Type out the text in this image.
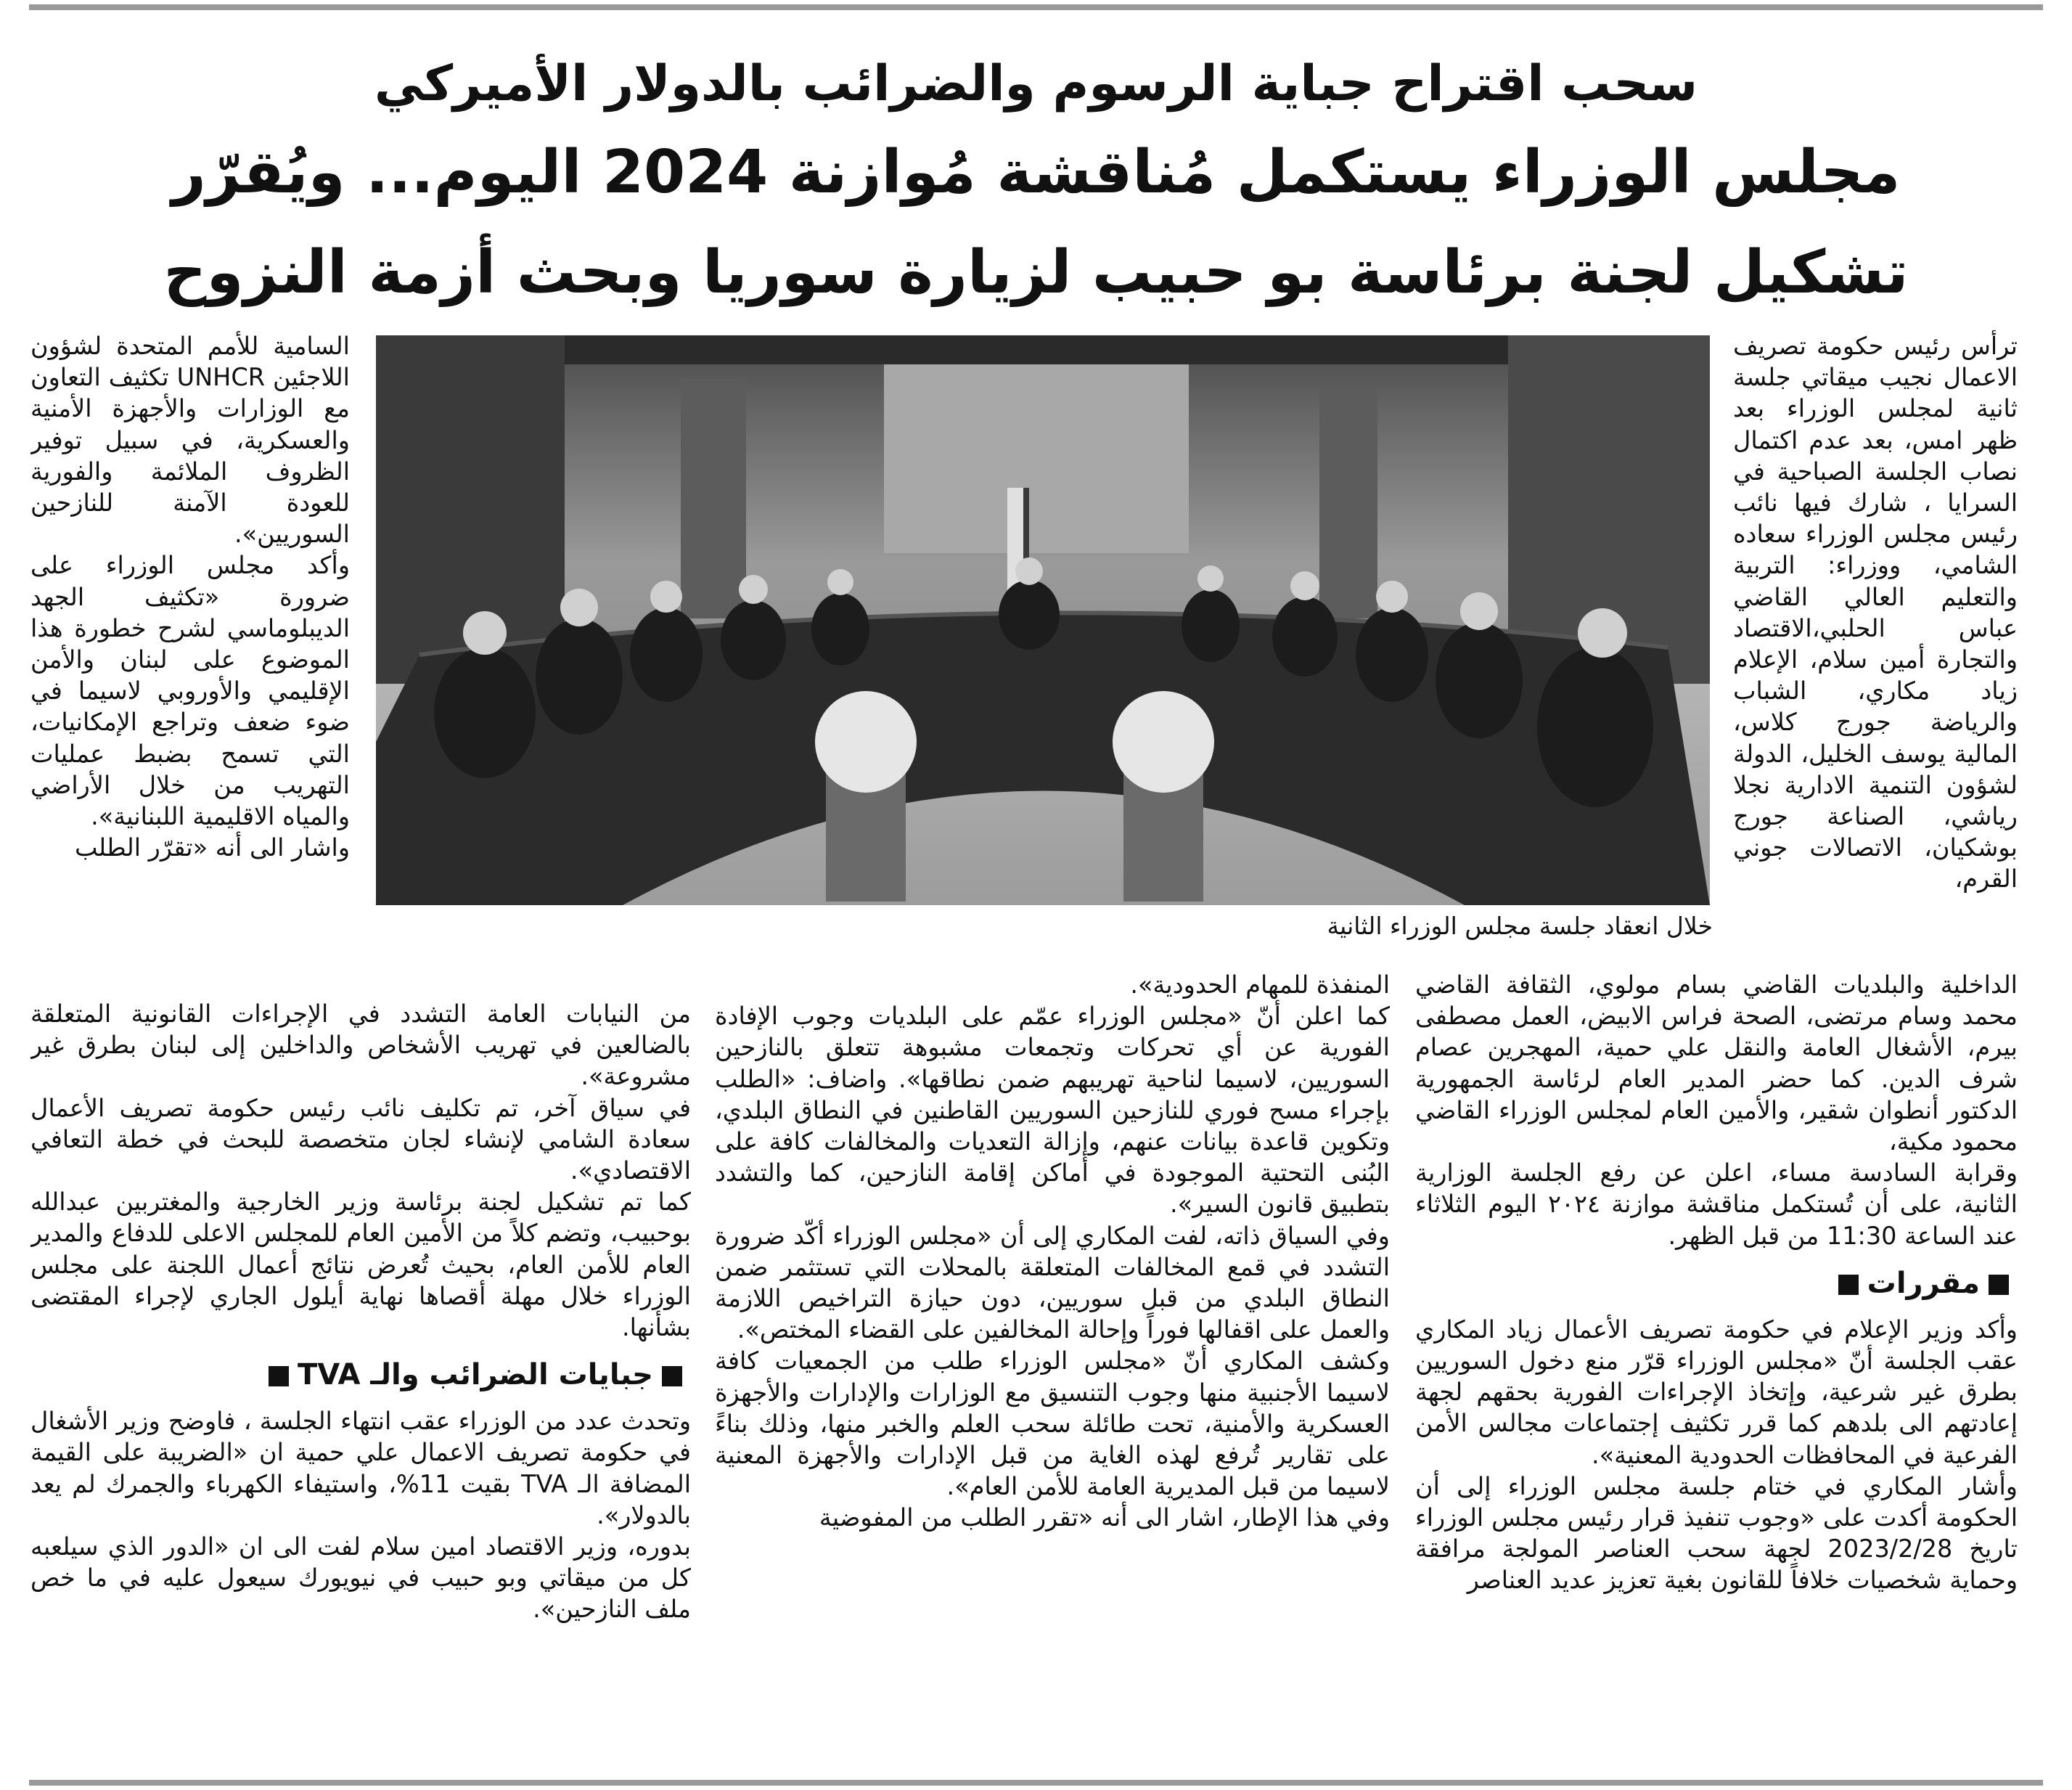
سحب اقتراح جباية الرسوم والضرائب بالدولار الأميركي
مجلس الوزراء يستكمل مُناقشة مُوازنة 2024 اليوم... ويُقرّر
تشكيل لجنة برئاسة بو حبيب لزيارة سوريا وبحث أزمة النزوح
خلال انعقاد جلسة مجلس الوزراء الثانية

ترأس رئيس حكومة تصريف الاعمال نجيب ميقاتي جلسة ثانية لمجلس الوزراء بعد ظهر امس، بعد عدم اكتمال نصاب الجلسة الصباحية في السرايا ، شارك فيها نائب رئيس مجلس الوزراء سعاده الشامي، ووزراء: التربية والتعليم العالي القاضي عباس الحلبي،الاقتصاد والتجارة أمين سلام، الإعلام زياد مكاري، الشباب والرياضة جورج كلاس، المالية يوسف الخليل، الدولة لشؤون التنمية الادارية نجلا رياشي، الصناعة جورج بوشكيان، الاتصالات جوني القرم،

الداخلية والبلديات القاضي بسام مولوي، الثقافة القاضي محمد وسام مرتضى، الصحة فراس الابيض، العمل مصطفى بيرم، الأشغال العامة والنقل علي حمية، المهجرين عصام شرف الدين. كما حضر المدير العام لرئاسة الجمهورية الدكتور أنطوان شقير، والأمين العام لمجلس الوزراء القاضي محمود مكية،

وقرابة السادسة مساء، اعلن عن رفع الجلسة الوزارية الثانية، على أن تُستكمل مناقشة موازنة ٢٠٢٤ اليوم الثلاثاء عند الساعة 11:30 من قبل الظهر.

مقررات

وأكد وزير الإعلام في حكومة تصريف الأعمال زياد المكاري عقب الجلسة أنّ «مجلس الوزراء قرّر منع دخول السوريين بطرق غير شرعية، وإتخاذ الإجراءات الفورية بحقهم لجهة إعادتهم الى بلدهم كما قرر تكثيف إجتماعات مجالس الأمن الفرعية في المحافظات الحدودية المعنية».

وأشار المكاري في ختام جلسة مجلس الوزراء إلى أن الحكومة أكدت على «وجوب تنفيذ قرار رئيس مجلس الوزراء تاريخ 2023/2/28 لجهة سحب العناصر المولجة مرافقة وحماية شخصيات خلافاً للقانون بغية تعزيز عديد العناصر

المنفذة للمهام الحدودية».

كما اعلن أنّ «مجلس الوزراء عمّم على البلديات وجوب الإفادة الفورية عن أي تحركات وتجمعات مشبوهة تتعلق بالنازحين السوريين، لاسيما لناحية تهريبهم ضمن نطاقها». واضاف: «الطلب بإجراء مسح فوري للنازحين السوريين القاطنين في النطاق البلدي، وتكوين قاعدة بيانات عنهم، وإزالة التعديات والمخالفات كافة على البُنى التحتية الموجودة في أماكن إقامة النازحين، كما والتشدد بتطبيق قانون السير».

وفي السياق ذاته، لفت المكاري إلى أن «مجلس الوزراء أكّد ضرورة التشدد في قمع المخالفات المتعلقة بالمحلات التي تستثمر ضمن النطاق البلدي من قبل سوريين، دون حيازة التراخيص اللازمة والعمل على اقفالها فوراً وإحالة المخالفين على القضاء المختص».

وكشف المكاري أنّ «مجلس الوزراء طلب من الجمعيات كافة لاسيما الأجنبية منها وجوب التنسيق مع الوزارات والإدارات والأجهزة العسكرية والأمنية، تحت طائلة سحب العلم والخبر منها، وذلك بناءً على تقارير تُرفع لهذه الغاية من قبل الإدارات والأجهزة المعنية لاسيما من قبل المديرية العامة للأمن العام».

وفي هذا الإطار، اشار الى أنه «تقرر الطلب من المفوضية

السامية للأمم المتحدة لشؤون اللاجئين UNHCR تكثيف التعاون مع الوزارات والأجهزة الأمنية والعسكرية، في سبيل توفير الظروف الملائمة والفورية للعودة الآمنة للنازحين السوريين».

وأكد مجلس الوزراء على ضرورة «تكثيف الجهد الديبلوماسي لشرح خطورة هذا الموضوع على لبنان والأمن الإقليمي والأوروبي لاسيما في ضوء ضعف وتراجع الإمكانيات، التي تسمح بضبط عمليات التهريب من خلال الأراضي والمياه الاقليمية اللبنانية».

واشار الى أنه «تقرّر الطلب

من النيابات العامة التشدد في الإجراءات القانونية المتعلقة بالضالعين في تهريب الأشخاص والداخلين إلى لبنان بطرق غير مشروعة».

في سياق آخر، تم تكليف نائب رئيس حكومة تصريف الأعمال سعادة الشامي لإنشاء لجان متخصصة للبحث في خطة التعافي الاقتصادي».

كما تم تشكيل لجنة برئاسة وزير الخارجية والمغتربين عبدالله بوحبيب، وتضم كلاً من الأمين العام للمجلس الاعلى للدفاع والمدير العام للأمن العام، بحيث تُعرض نتائج أعمال اللجنة على مجلس الوزراء خلال مهلة أقصاها نهاية أيلول الجاري لإجراء المقتضى بشأنها.

جبايات الضرائب والـ TVA

وتحدث عدد من الوزراء عقب انتهاء الجلسة ، فاوضح وزير الأشغال في حكومة تصريف الاعمال علي حمية ان «الضريبة على القيمة المضافة الـ TVA بقيت 11%، واستيفاء الكهرباء والجمرك لم يعد بالدولار».

بدوره، وزير الاقتصاد امين سلام لفت الى ان «الدور الذي سيلعبه كل من ميقاتي وبو حبيب في نيويورك سيعول عليه في ما خص ملف النازحين».
